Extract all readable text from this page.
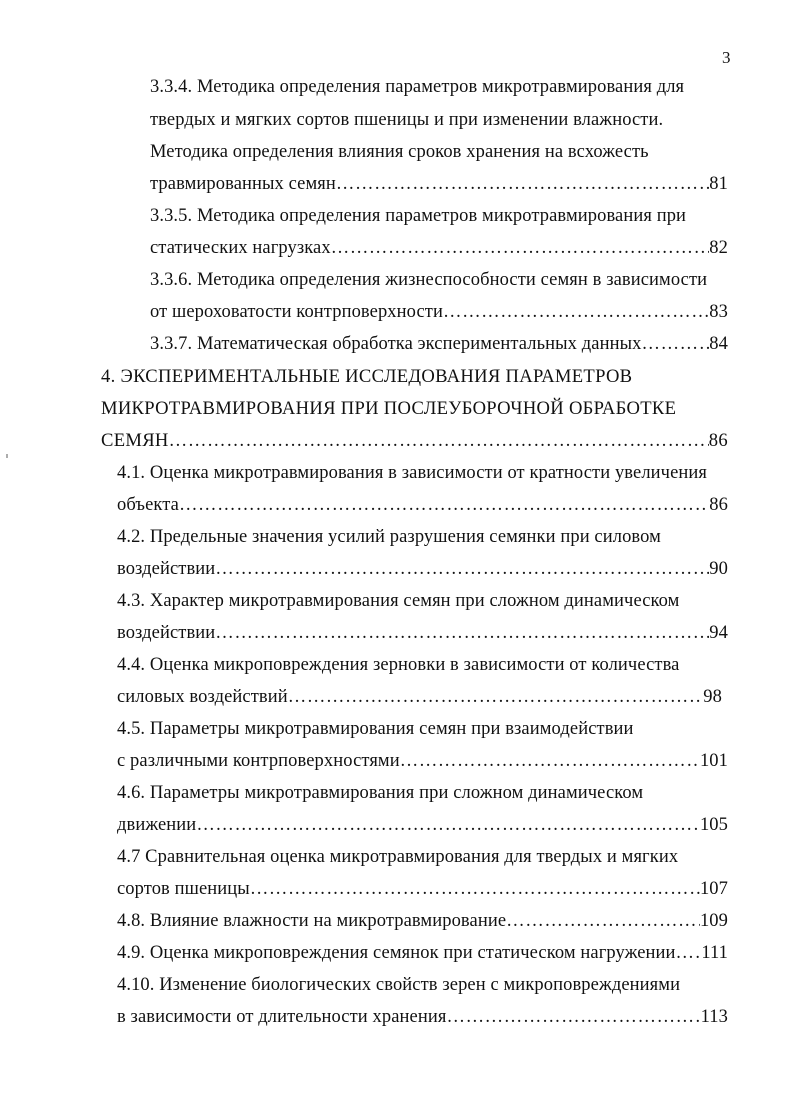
3
3.3.4. Методика определения параметров микротравмирования для
твердых и мягких сортов пшеницы и при изменении влажности.
Методика определения влияния сроков хранения на всхожесть
травмированных семян ……………………………………………………………………………………………………………………………………………………………………………………	81
3.3.5. Методика определения параметров микротравмирования при
статических нагрузках ……………………………………………………………………………………………………………………………………………………………………………………	82
3.3.6. Методика определения жизнеспособности семян в зависимости
от шероховатости контрповерхности ……………………………………………………………………………………………………………………………………………………………………………………	83
3.3.7. Математическая обработка экспериментальных данных ……………………………………………………………………………………………………………………………………………………………………………………	84
4. ЭКСПЕРИМЕНТАЛЬНЫЕ ИССЛЕДОВАНИЯ ПАРАМЕТРОВ
МИКРОТРАВМИРОВАНИЯ ПРИ ПОСЛЕУБОРОЧНОЙ ОБРАБОТКЕ
СЕМЯН ……………………………………………………………………………………………………………………………………………………………………………………	86
4.1. Оценка микротравмирования в зависимости от кратности увеличения
объекта ……………………………………………………………………………………………………………………………………………………………………………………	86
4.2. Предельные значения усилий разрушения семянки при силовом
воздействии ……………………………………………………………………………………………………………………………………………………………………………………	90
4.3. Характер микротравмирования семян при сложном динамическом
воздействии ……………………………………………………………………………………………………………………………………………………………………………………	94
4.4. Оценка микроповреждения зерновки в зависимости от количества
силовых воздействий ……………………………………………………………………………………………………………………………………………………………………………………	98
4.5. Параметры микротравмирования семян при взаимодействии
с различными контрповерхностями ……………………………………………………………………………………………………………………………………………………………………………………	101
4.6. Параметры микротравмирования при сложном динамическом
движении ……………………………………………………………………………………………………………………………………………………………………………………	105
4.7 Сравнительная оценка микротравмирования для твердых и мягких
сортов пшеницы ……………………………………………………………………………………………………………………………………………………………………………………	107
4.8. Влияние влажности на микротравмирование ……………………………………………………………………………………………………………………………………………………………………………………	109
4.9. Оценка микроповреждения семянок при статическом нагружении …………………………………………………………………………………………………………………………………………………………………………………… 111
4.10. Изменение биологических свойств зерен с микроповреждениями
в зависимости от длительности хранения ……………………………………………………………………………………………………………………………………………………………………………………	113
